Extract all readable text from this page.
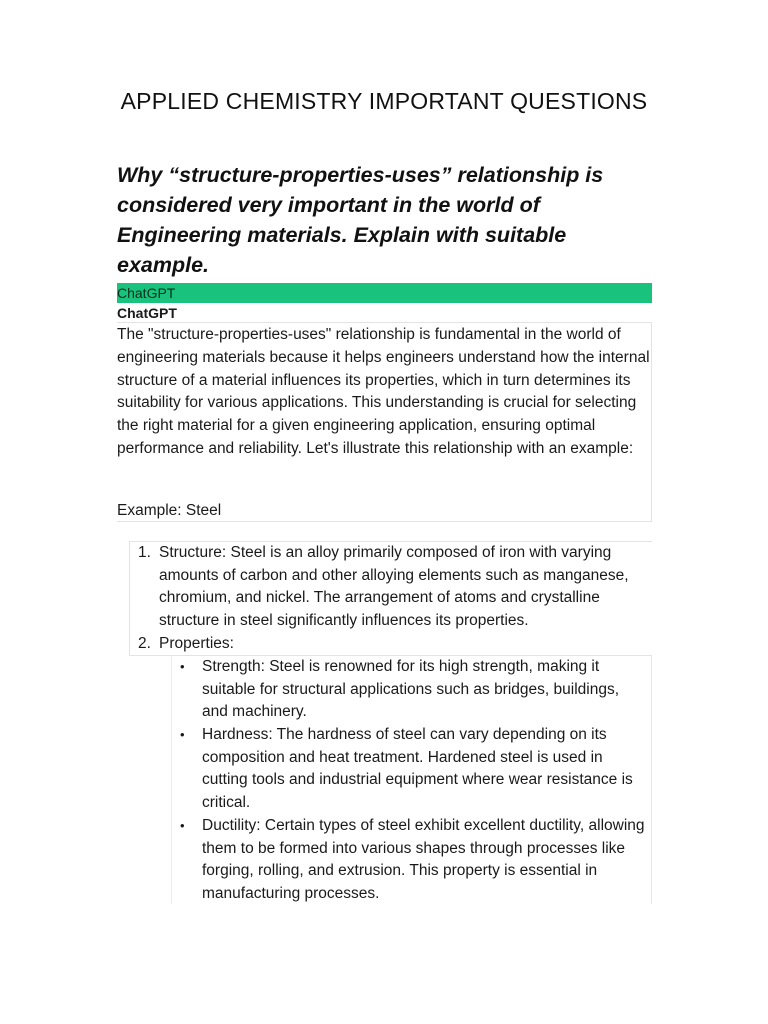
APPLIED CHEMISTRY IMPORTANT QUESTIONS
Why “structure-properties-uses” relationship is considered very important in the world of Engineering materials. Explain with suitable example.
ChatGPT
ChatGPT

The "structure-properties-uses" relationship is fundamental in the world of engineering materials because it helps engineers understand how the internal structure of a material influences its properties, which in turn determines its suitability for various applications. This understanding is crucial for selecting the right material for a given engineering application, ensuring optimal performance and reliability. Let's illustrate this relationship with an example:

Example: Steel
1. Structure: Steel is an alloy primarily composed of iron with varying amounts of carbon and other alloying elements such as manganese, chromium, and nickel. The arrangement of atoms and crystalline structure in steel significantly influences its properties.
2. Properties:
•	Strength: Steel is renowned for its high strength, making it suitable for structural applications such as bridges, buildings, and machinery.
•	Hardness: The hardness of steel can vary depending on its composition and heat treatment. Hardened steel is used in cutting tools and industrial equipment where wear resistance is critical.
•	Ductility: Certain types of steel exhibit excellent ductility, allowing them to be formed into various shapes through processes like forging, rolling, and extrusion. This property is essential in manufacturing processes.
